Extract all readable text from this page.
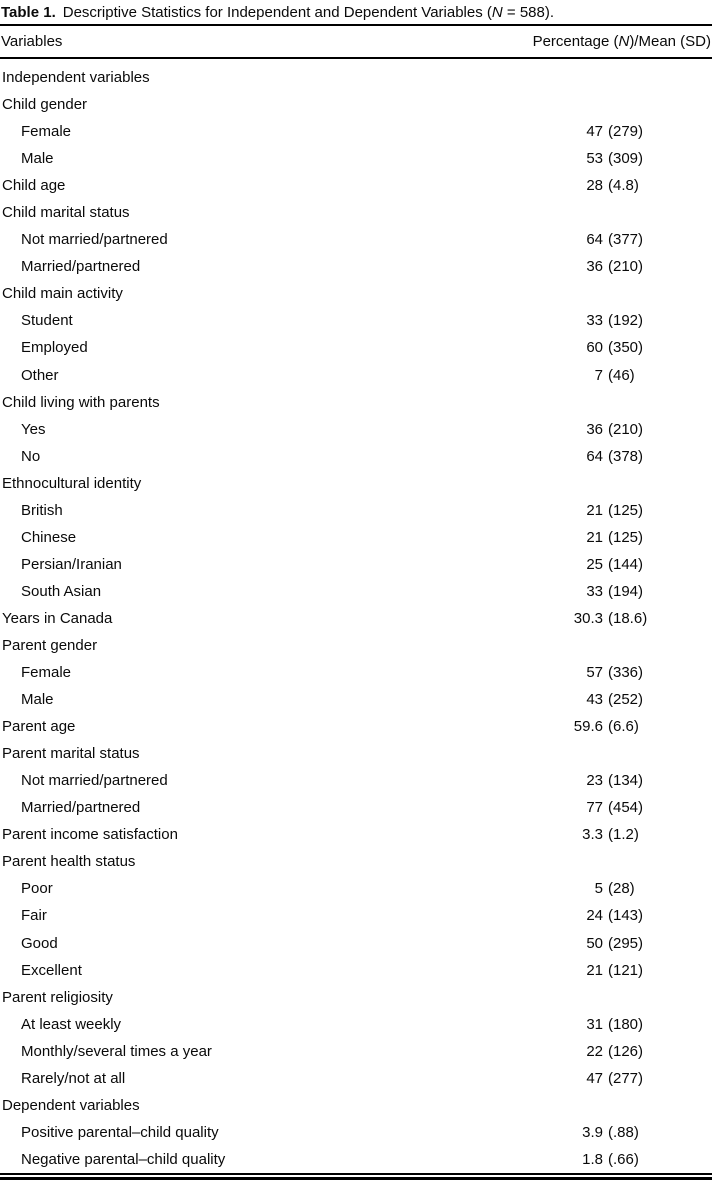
Table 1. Descriptive Statistics for Independent and Dependent Variables (N = 588).
Variables	Percentage (N)/Mean (SD)
Independent variables
Child gender
Female	47 (279)
Male	53 (309)
Child age	28 (4.8)
Child marital status
Not married/partnered	64 (377)
Married/partnered	36 (210)
Child main activity
Student	33 (192)
Employed	60 (350)
Other	7 (46)
Child living with parents
Yes	36 (210)
No	64 (378)
Ethnocultural identity
British	21 (125)
Chinese	21 (125)
Persian/Iranian	25 (144)
South Asian	33 (194)
Years in Canada	30.3 (18.6)
Parent gender
Female	57 (336)
Male	43 (252)
Parent age	59.6 (6.6)
Parent marital status
Not married/partnered	23 (134)
Married/partnered	77 (454)
Parent income satisfaction	3.3 (1.2)
Parent health status
Poor	5 (28)
Fair	24 (143)
Good	50 (295)
Excellent	21 (121)
Parent religiosity
At least weekly	31 (180)
Monthly/several times a year	22 (126)
Rarely/not at all	47 (277)
Dependent variables
Positive parental–child quality	3.9 (.88)
Negative parental–child quality	1.8 (.66)
